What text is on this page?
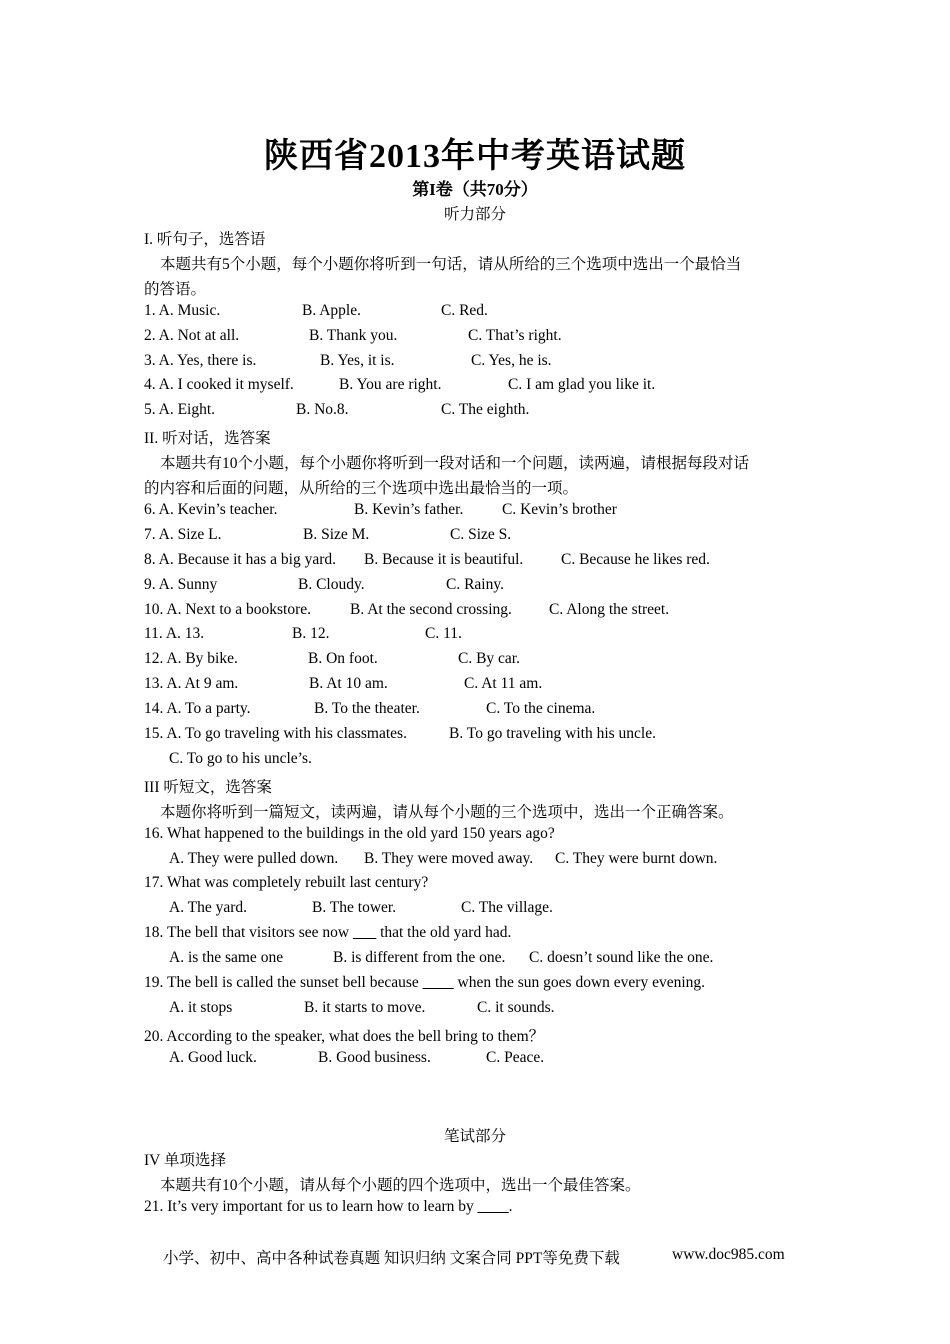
陕西省2013年中考英语试题
第I卷（共70分）
听力部分
I. 听句子，选答语
本题共有5个小题，每个小题你将听到一句话，请从所给的三个选项中选出一个最恰当
的答语。
1. A. Music.	B. Apple.	C. Red.
2. A. Not at all.	B. Thank you.	C. That’s right.
3. A. Yes, there is.	B. Yes, it is.	C. Yes, he is.
4. A. I cooked it myself.	B. You are right.	C. I am glad you like it.
5. A. Eight.	B. No.8.	C. The eighth.
II. 听对话，选答案
本题共有10个小题，每个小题你将听到一段对话和一个问题，读两遍，请根据每段对话
的内容和后面的问题，从所给的三个选项中选出最恰当的一项。
6. A. Kevin’s teacher.	B. Kevin’s father. C. Kevin’s brother
7. A. Size L.	B. Size M.	C. Size S.
8. A. Because it has a big yard. B. Because it is beautiful. C. Because he likes red.
9. A. Sunny	B. Cloudy.	C. Rainy.
10. A. Next to a bookstore.	B. At the second crossing. C. Along the street.
11. A. 13.	B. 12.	C. 11.
12. A. By bike.	B. On foot.	C. By car.
13. A. At 9 am.	B. At 10 am.	C. At 11 am.
14. A. To a party.	B. To the theater.	C. To the cinema.
15. A. To go traveling with his classmates.	B. To go traveling with his uncle.
C. To go to his uncle’s.
III 听短文，选答案
本题你将听到一篇短文，读两遍，请从每个小题的三个选项中，选出一个正确答案。
16. What happened to the buildings in the old yard 150 years ago?
A. They were pulled down. B. They were moved away. C. They were burnt down.
17. What was completely rebuilt last century?
A. The yard.	B. The tower.	C. The village.
18. The bell that visitors see now ___ that the old yard had.
A. is the same one	B. is different from the one. C. doesn’t sound like the one.
19. The bell is called the sunset bell because ____ when the sun goes down every evening.
A. it stops	B. it starts to move.	C. it sounds.
20. According to the speaker, what does the bell bring to them？
A. Good luck.	B. Good business.	C. Peace.
笔试部分
IV 单项选择
本题共有10个小题，请从每个小题的四个选项中，选出一个最佳答案。
21. It’s very important for us to learn how to learn by ____.
小学、初中、高中各种试卷真题 知识归纳 文案合同 PPT等免费下载	www.doc985.com
